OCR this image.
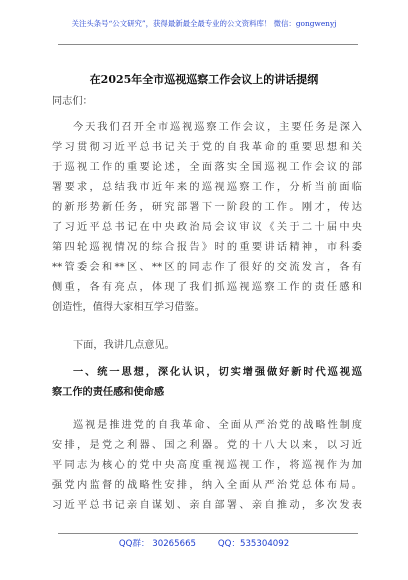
关注头条号“公文研究”，获得最新最全最专业的公文资料库！ 微信：gongwenyj
在2025年全市巡视巡察工作会议上的讲话提纲
同志们：
今天我们召开全市巡视巡察工作会议，主要任务是深入
学习贯彻习近平总书记关于党的自我革命的重要思想和关
于巡视工作的重要论述，全面落实全国巡视工作会议的部
署要求，总结我市近年来的巡视巡察工作，分析当前面临
的新形势新任务，研究部署下一阶段的工作。刚才，传达
了习近平总书记在中央政治局会议审议《关于二十届中央
第四轮巡视情况的综合报告》时的重要讲话精神，市科委
**管委会和**区、**区的同志作了很好的交流发言，各有
侧重，各有亮点，体现了我们抓巡视巡察工作的责任感和
创造性，值得大家相互学习借鉴。
下面，我讲几点意见。
一、统一思想，深化认识，切实增强做好新时代巡视巡
察工作的责任感和使命感
巡视是推进党的自我革命、全面从严治党的战略性制度
安排，是党之利器、国之利器。党的十八大以来，以习近
平同志为核心的党中央高度重视巡视工作，将巡视作为加
强党内监督的战略性安排，纳入全面从严治党总体布局。
习近平总书记亲自谋划、亲自部署、亲自推动，多次发表
QQ群： 30265665        QQ：535304092
